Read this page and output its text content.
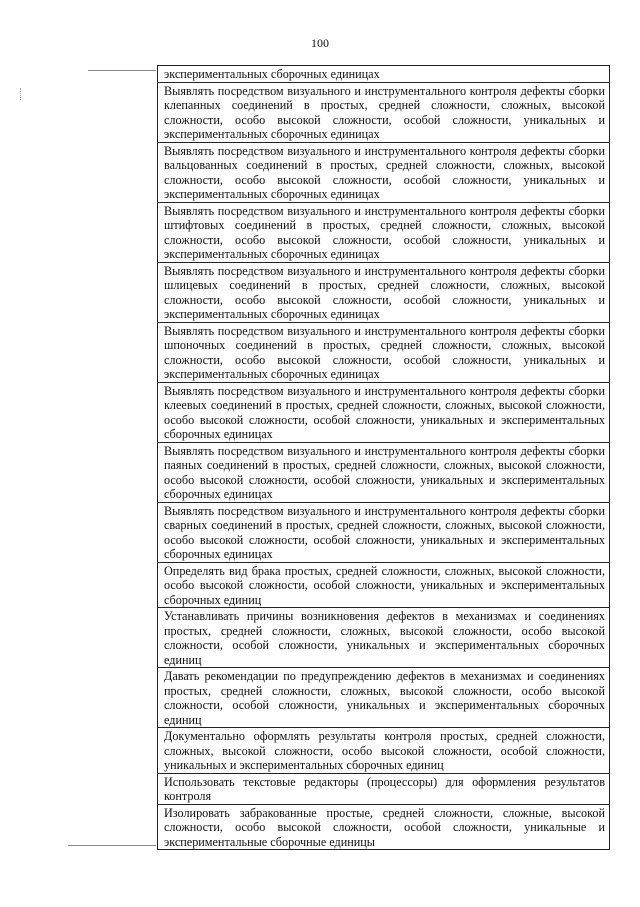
100
экспериментальных сборочных единицах
Выявлять посредством визуального и инструментального контроля дефекты сборки клепанных соединений в простых, средней сложности, сложных, высокой сложности, особо высокой сложности, особой сложности, уникальных и экспериментальных сборочных единицах
Выявлять посредством визуального и инструментального контроля дефекты сборки вальцованных соединений в простых, средней сложности, сложных, высокой сложности, особо высокой сложности, особой сложности, уникальных и экспериментальных сборочных единицах
Выявлять посредством визуального и инструментального контроля дефекты сборки штифтовых соединений в простых, средней сложности, сложных, высокой сложности, особо высокой сложности, особой сложности, уникальных и экспериментальных сборочных единицах
Выявлять посредством визуального и инструментального контроля дефекты сборки шлицевых соединений в простых, средней сложности, сложных, высокой сложности, особо высокой сложности, особой сложности, уникальных и экспериментальных сборочных единицах
Выявлять посредством визуального и инструментального контроля дефекты сборки шпоночных соединений в простых, средней сложности, сложных, высокой сложности, особо высокой сложности, особой сложности, уникальных и экспериментальных сборочных единицах
Выявлять посредством визуального и инструментального контроля дефекты сборки клеевых соединений в простых, средней сложности, сложных, высокой сложности, особо высокой сложности, особой сложности, уникальных и экспериментальных сборочных единицах
Выявлять посредством визуального и инструментального контроля дефекты сборки паяных соединений в простых, средней сложности, сложных, высокой сложности, особо высокой сложности, особой сложности, уникальных и экспериментальных сборочных единицах
Выявлять посредством визуального и инструментального контроля дефекты сборки сварных соединений в простых, средней сложности, сложных, высокой сложности, особо высокой сложности, особой сложности, уникальных и экспериментальных сборочных единицах
Определять вид брака простых, средней сложности, сложных, высокой сложности, особо высокой сложности, особой сложности, уникальных и экспериментальных сборочных единиц
Устанавливать причины возникновения дефектов в механизмах и соединениях простых, средней сложности, сложных, высокой сложности, особо высокой сложности, особой сложности, уникальных и экспериментальных сборочных единиц
Давать рекомендации по предупреждению дефектов в механизмах и соединениях простых, средней сложности, сложных, высокой сложности, особо высокой сложности, особой сложности, уникальных и экспериментальных сборочных единиц
Документально оформлять результаты контроля простых, средней сложности, сложных, высокой сложности, особо высокой сложности, особой сложности, уникальных и экспериментальных сборочных единиц
Использовать текстовые редакторы (процессоры) для оформления результатов контроля
Изолировать забракованные простые, средней сложности, сложные, высокой сложности, особо высокой сложности, особой сложности, уникальные и экспериментальные сборочные единицы
